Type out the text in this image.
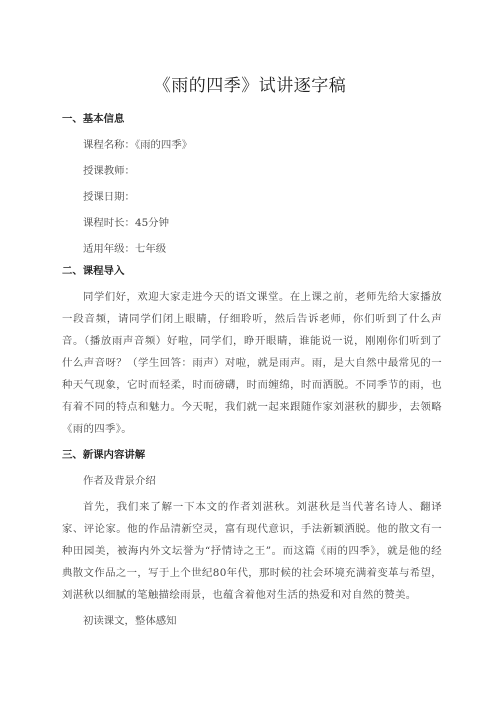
《雨的四季》试讲逐字稿

一、基本信息

课程名称：《雨的四季》

授课教师：

授课日期：

课程时长：45分钟

适用年级：七年级

二、课程导入

同学们好，欢迎大家走进今天的语文课堂。在上课之前，老师先给大家播放一段音频，请同学们闭上眼睛，仔细聆听，然后告诉老师，你们听到了什么声音。（播放雨声音频）好啦，同学们，睁开眼睛，谁能说一说，刚刚你们听到了什么声音呀？（学生回答：雨声）对啦，就是雨声。雨，是大自然中最常见的一种天气现象，它时而轻柔，时而磅礴，时而缠绵，时而洒脱。不同季节的雨，也有着不同的特点和魅力。今天呢，我们就一起来跟随作家刘湛秋的脚步，去领略《雨的四季》。

三、新课内容讲解

作者及背景介绍

首先，我们来了解一下本文的作者刘湛秋。刘湛秋是当代著名诗人、翻译家、评论家。他的作品清新空灵，富有现代意识，手法新颖洒脱。他的散文有一种田园美，被海内外文坛誉为“抒情诗之王”。而这篇《雨的四季》，就是他的经典散文作品之一，写于上个世纪80年代，那时候的社会环境充满着变革与希望，刘湛秋以细腻的笔触描绘雨景，也蕴含着他对生活的热爱和对自然的赞美。

初读课文，整体感知
